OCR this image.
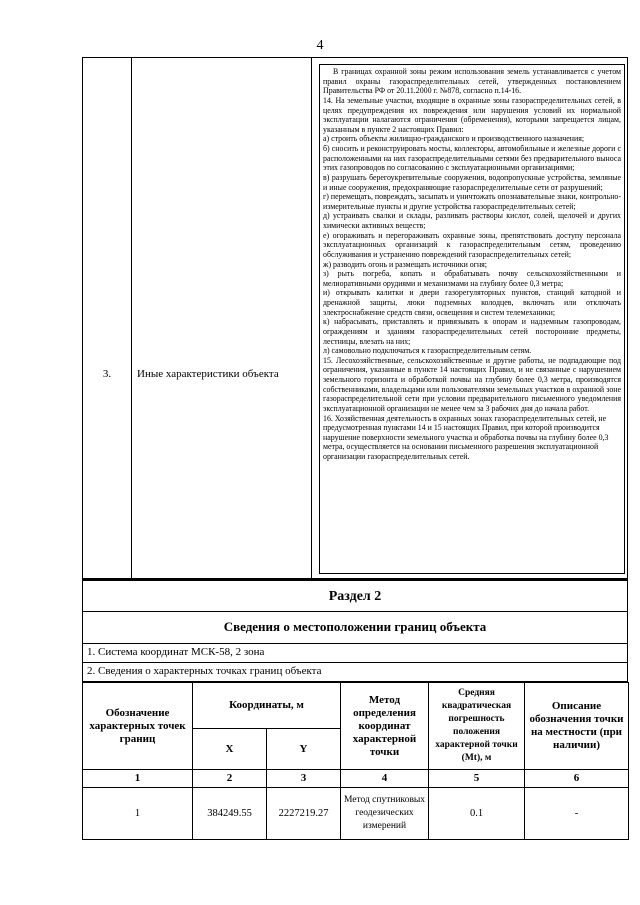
4
3.	Иные характеристики объекта

В границах охранной зоны режим использования земель устанавливается с учетом правил охраны газораспределительных сетей, утвержденных постановлением Правительства РФ от 20.11.2000 г. №878, согласно п.14-16.

14. На земельные участки, входящие в охранные зоны газораспределительных сетей, в целях предупреждения их повреждения или нарушения условий их нормальной эксплуатации налагаются ограничения (обременения), которыми запрещается лицам, указанным в пункте 2 настоящих Правил:

а) строить объекты жилищно-гражданского и производственного назначения;

б) сносить и реконструировать мосты, коллекторы, автомобильные и железные дороги с расположенными на них газораспределительными сетями без предварительного выноса этих газопроводов по согласованию с эксплуатационными организациями;

в) разрушать берегоукрепительные сооружения, водопропускные устройства, земляные и иные сооружения, предохраняющие газораспределительные сети от разрушений;

г) перемещать, повреждать, засыпать и уничтожать опознавательные знаки, контрольно-измерительные пункты и другие устройства газораспределительных сетей;

д) устраивать свалки и склады, разливать растворы кислот, солей, щелочей и других химически активных веществ;

е) огораживать и перегораживать охранные зоны, препятствовать доступу персонала эксплуатационных организаций к газораспределительным сетям, проведению обслуживания и устранению повреждений газораспределительных сетей;

ж) разводить огонь и размещать источники огня;

з) рыть погреба, копать и обрабатывать почву сельскохозяйственными и мелиоративными орудиями и механизмами на глубину более 0,3 метра;

и) открывать калитки и двери газорегуляторных пунктов, станций катодной и дренажной защиты, люки подземных колодцев, включать или отключать электроснабжение средств связи, освещения и систем телемеханики;

к) набрасывать, приставлять и привязывать к опорам и надземным газопроводам, ограждениям и зданиям газораспределительных сетей посторонние предметы, лестницы, влезать на них;

л) самовольно подключаться к газораспределительным сетям.

15. Лесохозяйственные, сельскохозяйственные и другие работы, не подпадающие под ограничения, указанные в пункте 14 настоящих Правил, и не связанные с нарушением земельного горизонта и обработкой почвы на глубину более 0,3 метра, производятся собственниками, владельцами или пользователями земельных участков в охранной зоне газораспределительной сети при условии предварительного письменного уведомления эксплуатационной организации не менее чем за 3 рабочих дня до начала работ.

16. Хозяйственная деятельность в охранных зонах газораспределительных сетей, не предусмотренная пунктами 14 и 15 настоящих Правил, при которой производится нарушение поверхности земельного участка и обработка почвы на глубину более 0,3

метра, осуществляется на основании письменного разрешения эксплуатационной организации газораспределительных сетей.

Раздел 2
Сведения о местоположении границ объекта
1. Система координат МСК-58, 2 зона
2. Сведения о характерных точках границ объекта
Обозначение характерных точек границ	Координаты, м		Метод определения координат характерной точки	Средняя квадратическая погрешность положения характерной точки (Mt), м	Описание обозначения точки на местности (при наличии)
	X	Y			
1	2	3	4	5	6
1	384249.55	2227219.27	Метод спутниковых геодезических измерений	0.1	-
